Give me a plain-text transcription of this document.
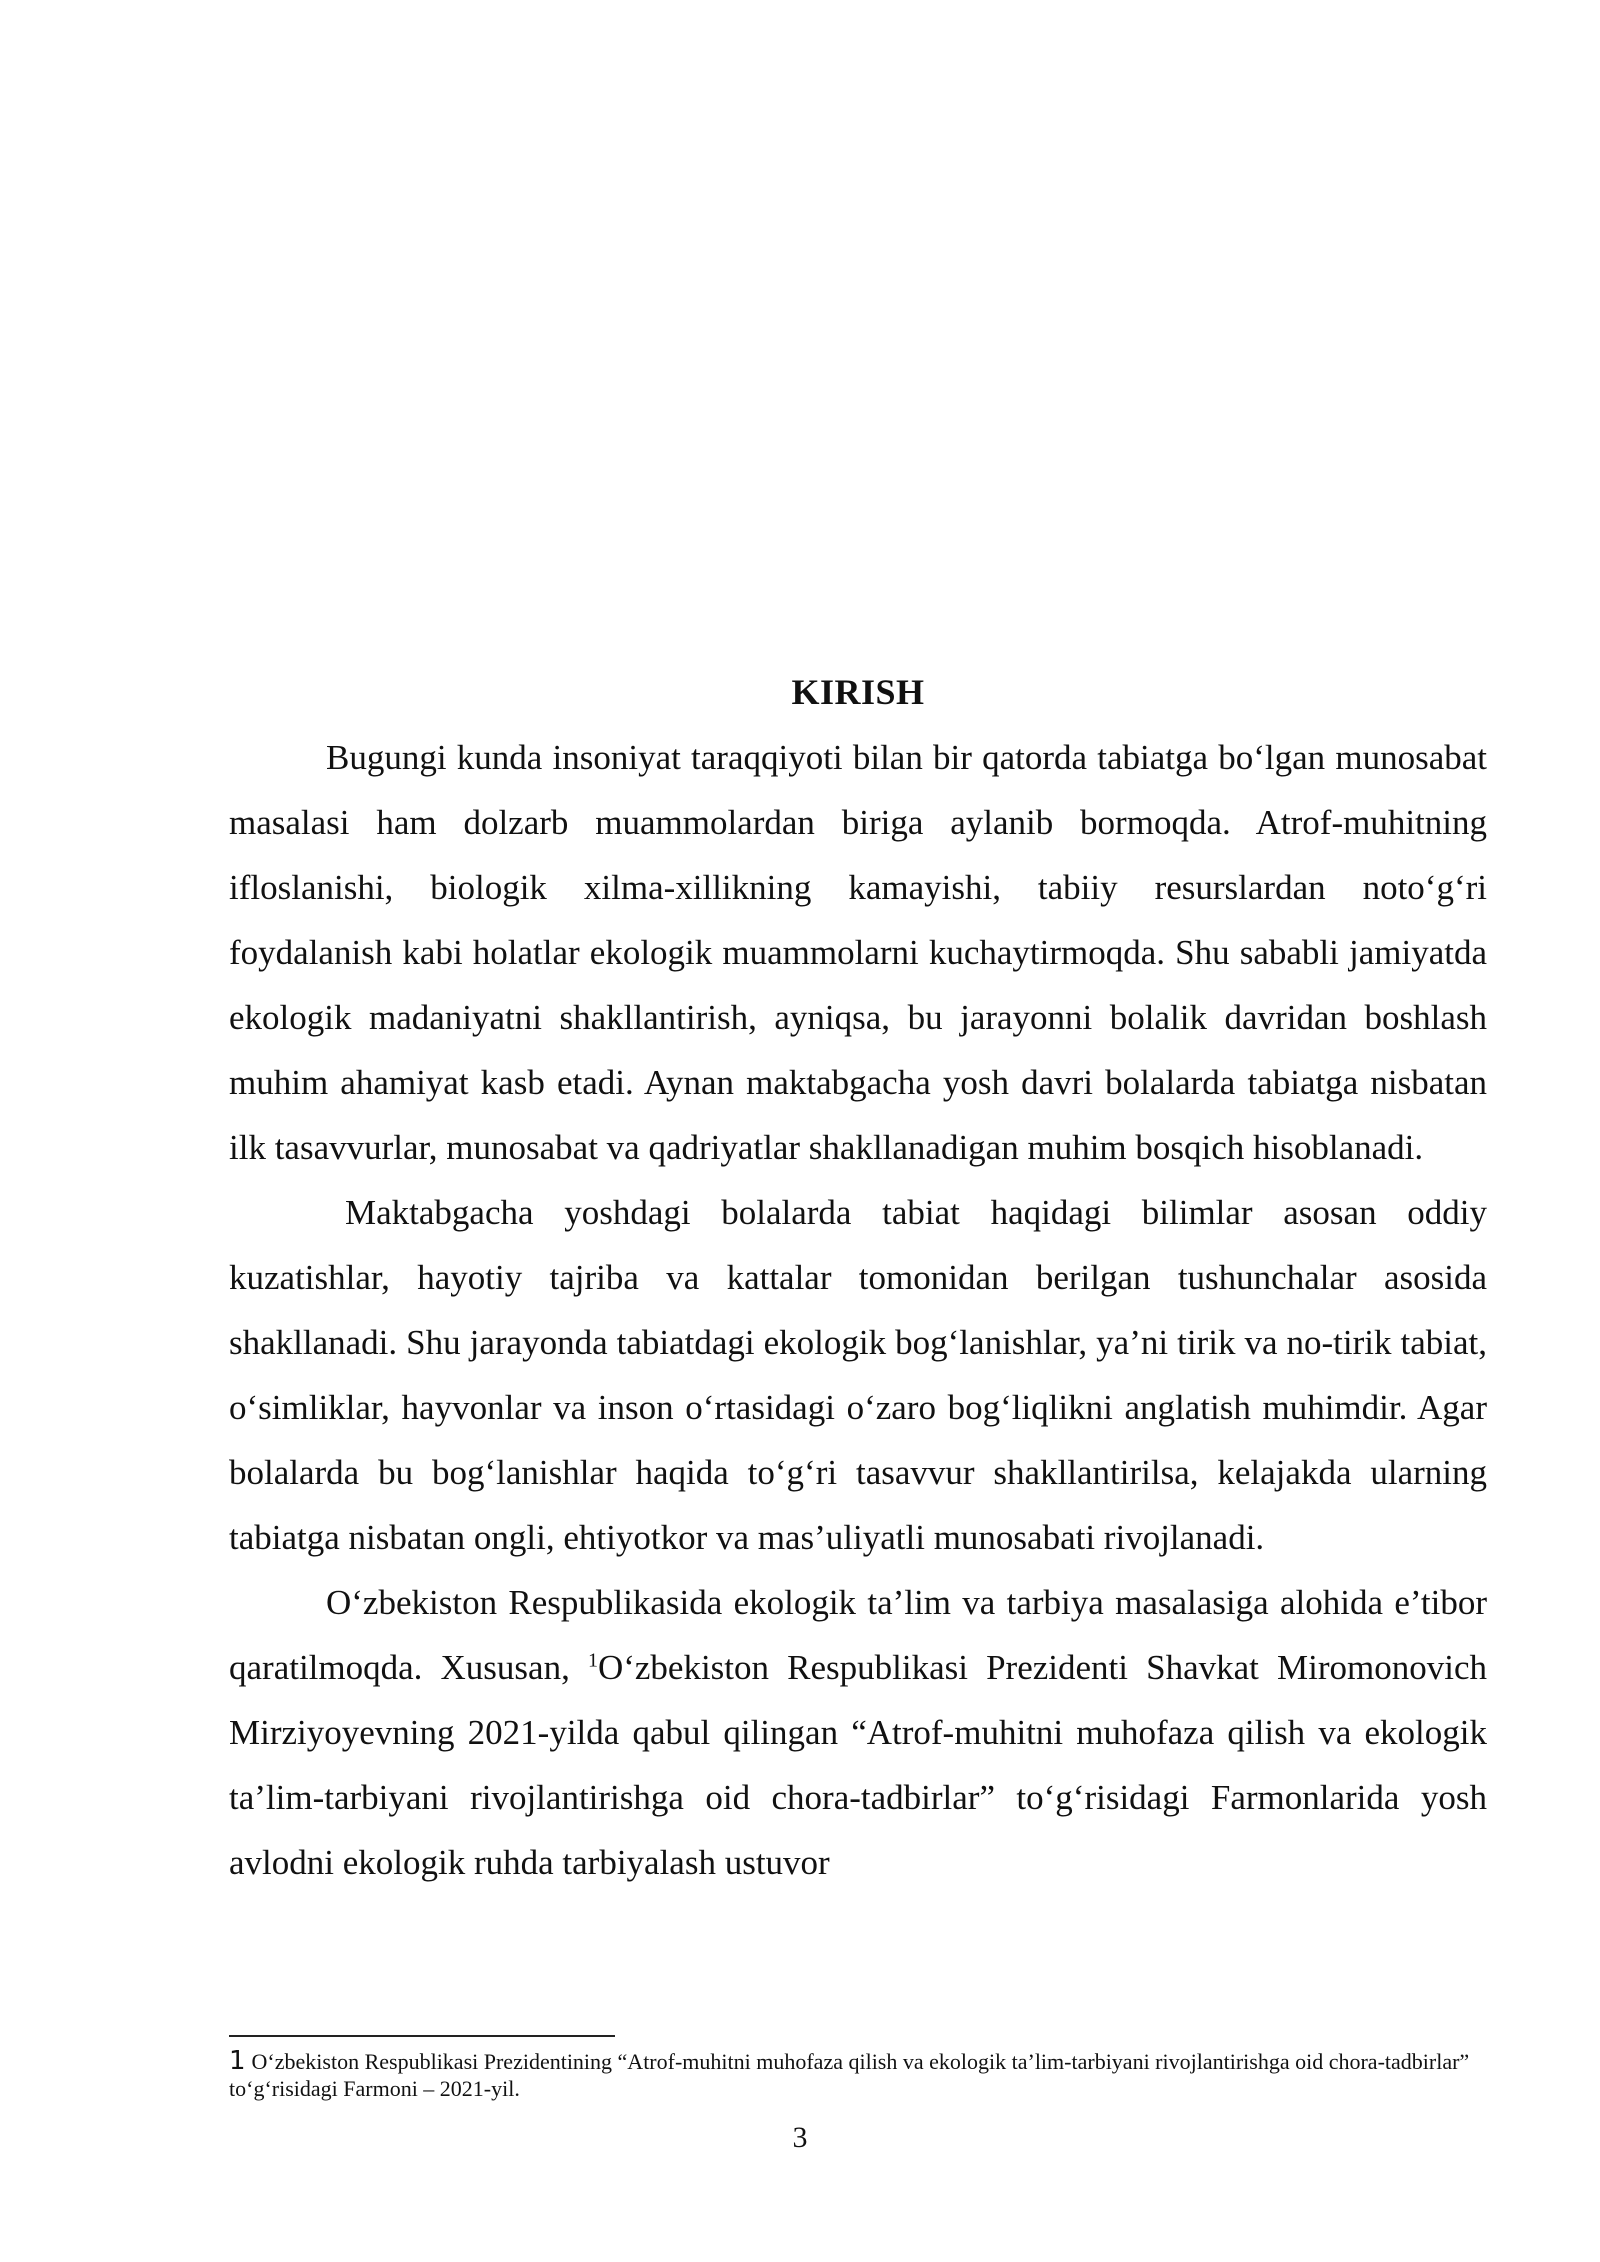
KIRISH

Bugungi kunda insoniyat taraqqiyoti bilan bir qatorda tabiatga bo‘lgan munosabat masalasi ham dolzarb muammolardan biriga aylanib bormoqda. Atrof-muhitning ifloslanishi, biologik xilma-xillikning kamayishi, tabiiy resurslardan noto‘g‘ri foydalanish kabi holatlar ekologik muammolarni kuchaytirmoqda. Shu sababli jamiyatda ekologik madaniyatni shakllantirish, ayniqsa, bu jarayonni bolalik davridan boshlash muhim ahamiyat kasb etadi. Aynan maktabgacha yosh davri bolalarda tabiatga nisbatan ilk tasavvurlar, munosabat va qadriyatlar shakllanadigan muhim bosqich hisoblanadi.

Maktabgacha yoshdagi bolalarda tabiat haqidagi bilimlar asosan oddiy kuzatishlar, hayotiy tajriba va kattalar tomonidan berilgan tushunchalar asosida shakllanadi. Shu jarayonda tabiatdagi ekologik bog‘lanishlar, ya’ni tirik va no-tirik tabiat, o‘simliklar, hayvonlar va inson o‘rtasidagi o‘zaro bog‘liqlikni anglatish muhimdir. Agar bolalarda bu bog‘lanishlar haqida to‘g‘ri tasavvur shakllantirilsa, kelajakda ularning tabiatga nisbatan ongli, ehtiyotkor va mas’uliyatli munosabati rivojlanadi.

O‘zbekiston Respublikasida ekologik ta’lim va tarbiya masalasiga alohida e’tibor qaratilmoqda. Xususan, $^1$O‘zbekiston Respublikasi Prezidenti Shavkat Miromonovich Mirziyoyevning 2021-yilda qabul qilingan “Atrof-muhitni muhofaza qilish va ekologik ta’lim-tarbiyani rivojlantirishga oid chora-tadbirlar” to‘g‘risidagi Farmonlarida yosh avlodni ekologik ruhda tarbiyalash ustuvor

1 O‘zbekiston Respublikasi Prezidentining “Atrof-muhitni muhofaza qilish va ekologik ta’lim-tarbiyani rivojlantirishga oid chora-tadbirlar” to‘g‘risidagi Farmoni – 2021-yil.

3
